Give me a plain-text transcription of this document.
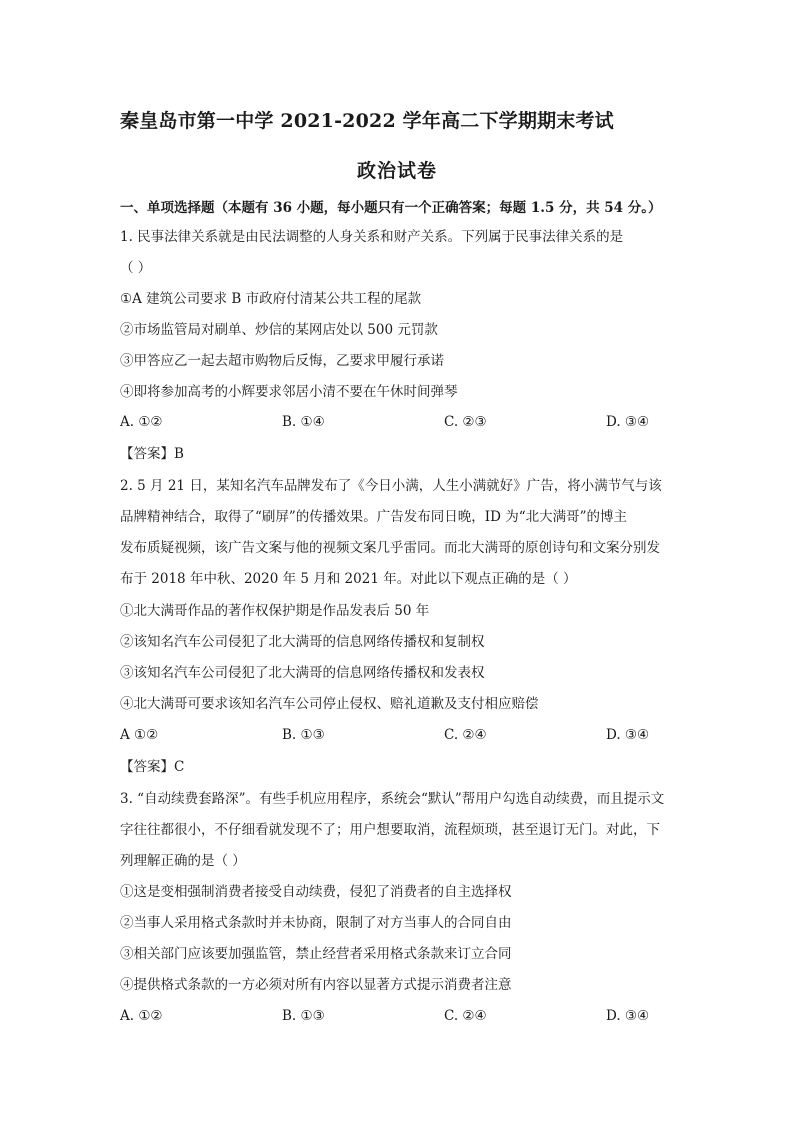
秦皇岛市第一中学 2021-2022 学年高二下学期期末考试
政治试卷
一、单项选择题（本题有 36 小题，每小题只有一个正确答案；每题 1.5 分，共 54 分。）
1. 民事法律关系就是由民法调整的人身关系和财产关系。下列属于民事法律关系的是
（ ）
①A 建筑公司要求 B 市政府付清某公共工程的尾款
②市场监管局对刷单、炒信的某网店处以 500 元罚款
③甲答应乙一起去超市购物后反悔，乙要求甲履行承诺
④即将参加高考的小辉要求邻居小清不要在午休时间弹琴
A. ①②	B. ①④	C. ②③	D. ③④
【答案】B
2. 5 月 21 日，某知名汽车品牌发布了《今日小满，人生小满就好》广告，将小满节气与该
品牌精神结合，取得了“刷屏”的传播效果。广告发布同日晚，ID 为“北大满哥”的博主
发布质疑视频，该广告文案与他的视频文案几乎雷同。而北大满哥的原创诗句和文案分别发
布于 2018 年中秋、2020 年 5 月和 2021 年。对此以下观点正确的是（ ）
①北大满哥作品的著作权保护期是作品发表后 50 年
②该知名汽车公司侵犯了北大满哥的信息网络传播权和复制权
③该知名汽车公司侵犯了北大满哥的信息网络传播权和发表权
④北大满哥可要求该知名汽车公司停止侵权、赔礼道歉及支付相应赔偿
A ①②	B. ①③	C. ②④	D. ③④
【答案】C
3. “自动续费套路深”。有些手机应用程序，系统会“默认”帮用户勾选自动续费，而且提示文
字往往都很小，不仔细看就发现不了；用户想要取消，流程烦琐，甚至退订无门。对此，下
列理解正确的是（ ）
①这是变相强制消费者接受自动续费，侵犯了消费者的自主选择权
②当事人采用格式条款时并未协商，限制了对方当事人的合同自由
③相关部门应该要加强监管，禁止经营者采用格式条款来订立合同
④提供格式条款的一方必须对所有内容以显著方式提示消费者注意
A. ①②	B. ①③	C. ②④	D. ③④
